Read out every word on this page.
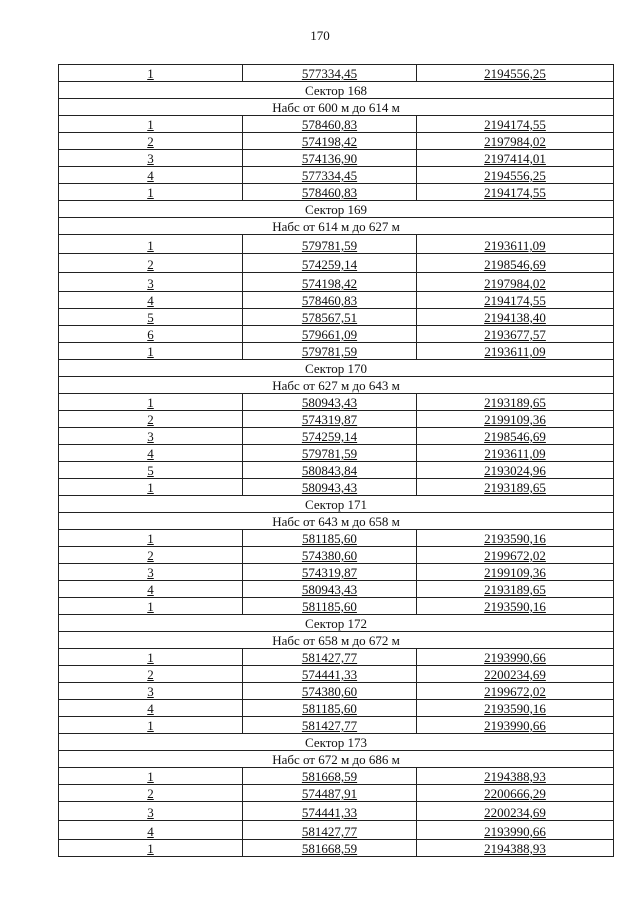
170
1	577334,45	2194556,25
Сектор 168		
Набс от 600 м до 614 м		
1	578460,83	2194174,55
2	574198,42	2197984,02
3	574136,90	2197414,01
4	577334,45	2194556,25
1	578460,83	2194174,55
Сектор 169		
Набс от 614 м до 627 м		
1	579781,59	2193611,09
2	574259,14	2198546,69
3	574198,42	2197984,02
4	578460,83	2194174,55
5	578567,51	2194138,40
6	579661,09	2193677,57
1	579781,59	2193611,09
Сектор 170		
Набс от 627 м до 643 м		
1	580943,43	2193189,65
2	574319,87	2199109,36
3	574259,14	2198546,69
4	579781,59	2193611,09
5	580843,84	2193024,96
1	580943,43	2193189,65
Сектор 171		
Набс от 643 м до 658 м		
1	581185,60	2193590,16
2	574380,60	2199672,02
3	574319,87	2199109,36
4	580943,43	2193189,65
1	581185,60	2193590,16
Сектор 172		
Набс от 658 м до 672 м		
1	581427,77	2193990,66
2	574441,33	2200234,69
3	574380,60	2199672,02
4	581185,60	2193590,16
1	581427,77	2193990,66
Сектор 173		
Набс от 672 м до 686 м		
1	581668,59	2194388,93
2	574487,91	2200666,29
3	574441,33	2200234,69
4	581427,77	2193990,66
1	581668,59	2194388,93
